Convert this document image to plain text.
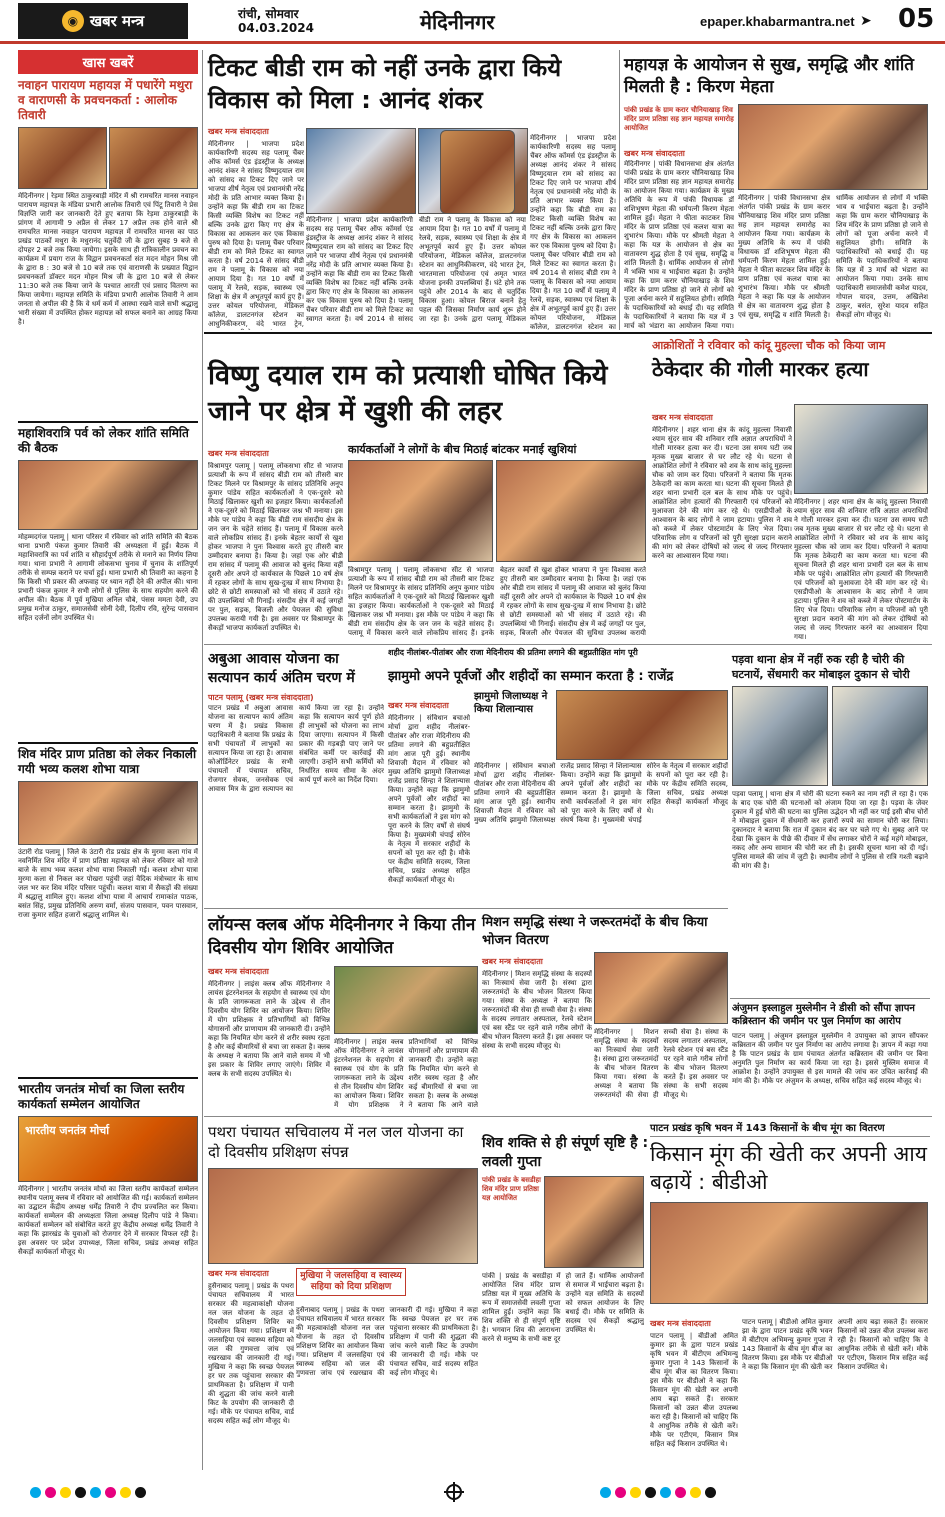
◉ खबर मन्त्र	रांची, सोमवार
04.03.2024	मेदिनीनगर	epaper.khabarmantra.net ➤ 05
खास खबरें
नवाहन पारायण महायज्ञ में पधारेंगे मथुरा व वाराणसी के प्रवचनकर्ता : आलोक तिवारी
मेदिनीनगर | रेड़मा स्थित ठाकुरबाड़ी मंदिर में श्री रामचरित मानस नवाहन पारायण महायज्ञ के मंडिया प्रभारी आलोक तिवारी एवं पिंटू तिवारी ने प्रेस विज्ञप्ति जारी कर जानकारी देते हुए बताया कि रेड़मा ठाकुरबाड़ी के प्रांगण में आगामी 9 अप्रैल से लेकर 17 अप्रैल तक होने वाले श्री रामचरित मानस नवाहन पारायण महायज्ञ में रामचरित मानस का पाठ प्रखंड पाठकों मथुरा के मधुरानंद चतुर्वेदी जी के द्वारा सुबह 9 बजे से दोपहर 2 बजे तक किया जायेगा। इसके साथ ही रात्रिकालीन प्रवचन का कार्यक्रम में प्रयाग राज के विद्वान प्रवचनकर्ता संत मदन मोहन मिश्र जी के द्वारा 8 : 30 बजे से 10 बजे तक एवं वाराणसी के प्रख्यात विद्वान प्रवचनकर्ता डॉक्टर मदन मोहन मिश्र जी के द्वारा 10 बजे से लेकर 11:30 बजे तक किया जाने के पश्चात आरती एवं प्रसाद वितरण का किया जायेगा। महायज्ञ समिति के मंडिया प्रभारी आलोक तिवारी ने आम जनता से अपील की है कि वे धर्म कर्म में आस्था रखने वाले सभी श्रद्धालु भारी संख्या में उपस्थित होकर महायज्ञ को सफल बनाने का आग्रह किया है।
महाशिवरात्रि पर्व को लेकर शांति समिति की बैठक
मोहम्मदगंज पलामू | थाना परिसर में रविवार को शांति समिति की बैठक थाना प्रभारी पंकज कुमार तिवारी की अध्यक्षता में हुई। बैठक में महाशिवरात्रि का पर्व शांति व सौहार्दपूर्ण तरीके से मनाने का निर्णय लिया गया। थाना प्रभारी ने आगामी लोकसभा चुनाव में चुनाव के शांतिपूर्ण तरीके से सम्पन्न कराने पर चर्चा हुई। थाना प्रभारी श्री तिवारी का कहना है कि किसी भी प्रकार की अफवाह पर ध्यान नहीं देने की अपील की। थाना प्रभारी पंकज कुमार ने सभी लोगों से पुलिस के साथ सहयोग करने की अपील की। बैठक में पूर्व मुखिया अनिल चौबे, पंसस ममता देवी, उप प्रमुख मनोज ठाकुर, समाजसेवी सोनी देवी, दिलीप रवि, सुरेन्द्र पासवान सहित दर्जनों लोग उपस्थित थे।
शिव मंदिर प्राण प्रतिष्ठा को लेकर निकाली गयी भव्य कलश शोभा यात्रा
उंटारी रोड पलामू | जिले के उंटारी रोड प्रखंड क्षेत्र के मुरमा कला गांव में नवनिर्मित शिव मंदिर में प्राण प्रतिष्ठा महायज्ञ को लेकर रविवार को गाजे बाजे के साथ भव्य कलश शोभा यात्रा निकाली गई। कलश शोभा यात्रा मुरमा कला से निकल कर पोखरा पहुंची जहां वैदिक मंत्रोच्चार के साथ जल भर कर शिव मंदिर परिसर पहुंची। कलश यात्रा में सैकड़ों की संख्या में श्रद्धालु शामिल हुए। कलश शोभा यात्रा में आचार्य रामाकांत पाठक, बसंत सिंह, प्रमुख प्रतिनिधि अरुण वर्मा, संजय पासवान, पवन पासवान, राजा कुमार सहित हजारों श्रद्धालु शामिल थे।
भारतीय जनतंत्र मोर्चा का जिला स्तरीय कार्यकर्ता सम्मेलन आयोजित
भारतीय जनतंत्र मोर्चा
मेदिनीनगर | भारतीय जनतंत्र मोर्चा का जिला स्तरीय कार्यकर्ता सम्मेलन स्थानीय पलामू क्लब में रविवार को आयोजित की गई। कार्यकर्ता सम्मेलन का उद्घाटन केंद्रीय अध्यक्ष धर्मेंद्र तिवारी ने दीप प्रज्वलित कर किया। कार्यकर्ता सम्मेलन की अध्यक्षता जिला अध्यक्ष दिलीप पांडे ने किया। कार्यकर्ता सम्मेलन को संबोधित करते हुए केंद्रीय अध्यक्ष धर्मेंद्र तिवारी ने कहा कि झारखंड के युवाओं को रोजगार देने में सरकार विफल रही है। इस अवसर पर प्रदेश उपाध्यक्ष, जिला सचिव, प्रखंड अध्यक्ष सहित सैकड़ों कार्यकर्ता मौजूद थे।
टिकट बीडी राम को नहीं उनके द्वारा किये विकास को मिला : आनंद शंकर
खबर मन्त्र संवाददाता
मेदिनीनगर | भाजपा प्रदेश कार्यकारिणी सदस्य सह पलामू चैंबर ऑफ कॉमर्स एंड इंडस्ट्रीज के अध्यक्ष आनंद शंकर ने सांसद विष्णुदयाल राम को सांसद का टिकट दिए जाने पर भाजपा शीर्ष नेतृत्व एवं प्रधानमंत्री नरेंद्र मोदी के प्रति आभार व्यक्त किया है। उन्होंने कहा कि बीडी राम का टिकट किसी व्यक्ति विशेष का टिकट नहीं बल्कि उनके द्वारा किए गए क्षेत्र के विकास का आकलन कर एक विकास पुरुष को दिया है। पलामू चैंबर परिवार बीडी राम को मिले टिकट का स्वागत करता है। वर्ष 2014 से सांसद बीडी राम ने पलामू के विकास को नया आयाम दिया है। गत 10 वर्षों में पलामू में रेलवे, सड़क, स्वास्थ्य एवं शिक्षा के क्षेत्र में अभूतपूर्व कार्य हुए हैं। उत्तर कोयल परियोजना, मेडिकल कॉलेज, डालटनगंज स्टेशन का आधुनिकीकरण, वंदे भारत ट्रेन,
मेदिनीनगर | भाजपा प्रदेश कार्यकारिणी सदस्य सह पलामू चैंबर ऑफ कॉमर्स एंड इंडस्ट्रीज के अध्यक्ष आनंद शंकर ने सांसद विष्णुदयाल राम को सांसद का टिकट दिए जाने पर भाजपा शीर्ष नेतृत्व एवं प्रधानमंत्री नरेंद्र मोदी के प्रति आभार व्यक्त किया है। उन्होंने कहा कि बीडी राम का टिकट किसी व्यक्ति विशेष का टिकट नहीं बल्कि उनके द्वारा किए गए क्षेत्र के विकास का आकलन कर एक विकास पुरुष को दिया है। पलामू चैंबर परिवार बीडी राम को मिले टिकट का स्वागत करता है। वर्ष 2014 से सांसद बीडी राम ने पलामू के विकास को नया आयाम दिया है। गत 10 वर्षों में पलामू में रेलवे, सड़क, स्वास्थ्य एवं शिक्षा के क्षेत्र में अभूतपूर्व कार्य हुए हैं। उत्तर कोयल परियोजना, मेडिकल कॉलेज, डालटनगंज स्टेशन का आधुनिकीकरण, वंदे भारत ट्रेन, भारतमाला परियोजना एवं अमृत भारत योजना इनकी उपलब्धियां हैं। घंटे होने तक पहुंचे और 2014 के बाद से चतुर्दिक विकास हुआ। कोयल बिराज बनाने हेतु पहल की जिसका निर्माण कार्य शुरू होने जा रहा है। उनके द्वारा पलामू मेडिकल
मेदिनीनगर | भाजपा प्रदेश कार्यकारिणी सदस्य सह पलामू चैंबर ऑफ कॉमर्स एंड इंडस्ट्रीज के अध्यक्ष आनंद शंकर ने सांसद विष्णुदयाल राम को सांसद का टिकट दिए जाने पर भाजपा शीर्ष नेतृत्व एवं प्रधानमंत्री नरेंद्र मोदी के प्रति आभार व्यक्त किया है। उन्होंने कहा कि बीडी राम का टिकट किसी व्यक्ति विशेष का टिकट नहीं बल्कि उनके द्वारा किए गए क्षेत्र के विकास का आकलन कर एक विकास पुरुष को दिया है। पलामू चैंबर परिवार बीडी राम को मिले टिकट का स्वागत करता है। वर्ष 2014 से सांसद बीडी राम ने पलामू के विकास को नया आयाम दिया है। गत 10 वर्षों में पलामू में रेलवे, सड़क, स्वास्थ्य एवं शिक्षा के क्षेत्र में अभूतपूर्व कार्य हुए हैं। उत्तर कोयल परियोजना, मेडिकल कॉलेज, डालटनगंज स्टेशन का
महायज्ञ के आयोजन से सुख, समृद्धि और शांति मिलती है : किरण मेहता
पांकी प्रखंड के ग्राम करार चौनियाखाड़ शिव मंदिर प्राण प्रतिष्ठा सह ज्ञान महायज्ञ समारोह आयोजित
खबर मन्त्र संवाददाता
मेदिनीनगर | पांकी विधानसभा क्षेत्र अंतर्गत पांकी प्रखंड के ग्राम करार चौनियाखाड़ शिव मंदिर प्राण प्रतिष्ठा सह ज्ञान महायज्ञ समारोह का आयोजन किया गया। कार्यक्रम के मुख्य अतिथि के रूप में पांकी विधायक डॉ शशिभूषण मेहता की धर्मपत्नी किरण मेहता शामिल हुईं। मेहता ने फीता काटकर शिव मंदिर के प्राण प्रतिष्ठा एवं कलश यात्रा का शुभारंभ किया। मौके पर श्रीमती मेहता ने कहा कि यज्ञ के आयोजन से क्षेत्र का वातावरण शुद्ध होता है एवं सुख, समृद्धि व शांति मिलती है। धार्मिक आयोजन से लोगों में भक्ति भाव व भाईचारा बढ़ता है। उन्होंने कहा कि ग्राम करार चौनियाखाड़ के शिव मंदिर के प्राण प्रतिष्ठा हो जाने से लोगों को पूजा अर्चना करने में सहूलियत होगी। समिति के पदाधिकारियों को बधाई दी। यह समिति के पदाधिकारियों ने बताया कि यज्ञ में 3 मार्च को भंडारा का आयोजन किया गया।
मेदिनीनगर | पांकी विधानसभा क्षेत्र अंतर्गत पांकी प्रखंड के ग्राम करार चौनियाखाड़ शिव मंदिर प्राण प्रतिष्ठा सह ज्ञान महायज्ञ समारोह का आयोजन किया गया। कार्यक्रम के मुख्य अतिथि के रूप में पांकी विधायक डॉ शशिभूषण मेहता की धर्मपत्नी किरण मेहता शामिल हुईं। मेहता ने फीता काटकर शिव मंदिर के प्राण प्रतिष्ठा एवं कलश यात्रा का शुभारंभ किया। मौके पर श्रीमती मेहता ने कहा कि यज्ञ के आयोजन से क्षेत्र का वातावरण शुद्ध होता है एवं सुख, समृद्धि व शांति मिलती है। धार्मिक आयोजन से लोगों में भक्ति भाव व भाईचारा बढ़ता है। उन्होंने कहा कि ग्राम करार चौनियाखाड़ के शिव मंदिर के प्राण प्रतिष्ठा हो जाने से लोगों को पूजा अर्चना करने में सहूलियत होगी। समिति के पदाधिकारियों को बधाई दी। यह समिति के पदाधिकारियों ने बताया कि यज्ञ में 3 मार्च को भंडारा का आयोजन किया गया। उनके साथ पदाधिकारी समाजसेवी कमेश यादव, गोपाल यादव, उत्तम, अखिलेश ठाकुर, बसंत, सुरेश यादव सहित सैकड़ों लोग मौजूद थे।
विष्णु दयाल राम को प्रत्याशी घोषित किये जाने पर क्षेत्र में खुशी की लहर
कार्यकर्ताओं ने लोगों के बीच मिठाई बांटकर मनाई खुशियां
खबर मन्त्र संवाददाता
विश्रामपुर पलामू | पलामू लोकसभा सीट से भाजपा प्रत्याशी के रूप में सांसद बीडी राम को तीसरी बार टिकट मिलने पर विश्रामपुर के सांसद प्रतिनिधि अनूप कुमार पांडेय सहित कार्यकर्ताओं ने एक-दूसरे को मिठाई खिलाकर खुशी का इजहार किया। कार्यकर्ताओं ने एक-दूसरे को मिठाई खिलाकर जश्न भी मनाया। इस मौके पर पांडेय ने कहा कि बीडी राम संसदीय क्षेत्र के जन जन के चहेते सांसद हैं। पलामू में विकास करने वाले लोकप्रिय सांसद हैं। इनके बेहतर कार्यों से खुश होकर भाजपा ने पुनः विश्वास करते हुए तीसरी बार उम्मीदवार बनाया है। किया है। जहां एक ओर बीडी राम सांसद में पलामू की आवाज को बुलंद किया वहीं दूसरी ओर अपने दो कार्यकाल के पिछले 10 वर्ष क्षेत्र में रहकर लोगों के साथ सुख-दुःख में साथ निभाया है। छोटे से छोटी समस्याओं को भी संसद में उठाते रहे। की उपलब्धियां भी गिनाईं। संसदीय क्षेत्र में कई जगहों पर पुल, सड़क, बिजली और पेयजल की सुविधा उपलब्ध करायी गयी है। इस अवसर पर विश्रामपुर के सैकड़ों भाजपा कार्यकर्ता उपस्थित थे।
विश्रामपुर पलामू | पलामू लोकसभा सीट से भाजपा प्रत्याशी के रूप में सांसद बीडी राम को तीसरी बार टिकट मिलने पर विश्रामपुर के सांसद प्रतिनिधि अनूप कुमार पांडेय सहित कार्यकर्ताओं ने एक-दूसरे को मिठाई खिलाकर खुशी का इजहार किया। कार्यकर्ताओं ने एक-दूसरे को मिठाई खिलाकर जश्न भी मनाया। इस मौके पर पांडेय ने कहा कि बीडी राम संसदीय क्षेत्र के जन जन के चहेते सांसद हैं। पलामू में विकास करने वाले लोकप्रिय सांसद हैं। इनके बेहतर कार्यों से खुश होकर भाजपा ने पुनः विश्वास करते हुए तीसरी बार उम्मीदवार बनाया है। किया है। जहां एक ओर बीडी राम सांसद में पलामू की आवाज को बुलंद किया वहीं दूसरी ओर अपने दो कार्यकाल के पिछले 10 वर्ष क्षेत्र में रहकर लोगों के साथ सुख-दुःख में साथ निभाया है। छोटे से छोटी समस्याओं को भी संसद में उठाते रहे। की उपलब्धियां भी गिनाईं। संसदीय क्षेत्र में कई जगहों पर पुल, सड़क, बिजली और पेयजल की सुविधा उपलब्ध करायी
आक्रोशितों ने रविवार को कांदू मुहल्ला चौक को किया जाम
ठेकेदार की गोली मारकर हत्या
खबर मन्त्र संवाददाता
मेदिनीनगर | शहर थाना क्षेत्र के कांदू मुहल्ला निवासी श्याम सुंदर साव की शनिवार रात्रि अज्ञात अपराधियों ने गोली मारकर हत्या कर दी। घटना उस समय घटी जब मृतक मुख्य बाजार से घर लौट रहे थे। घटना से आक्रोशित लोगों ने रविवार को शव के साथ कांदू मुहल्ला चौक को जाम कर दिया। परिजनों ने बताया कि मृतक ठेकेदारी का काम करता था। घटना की सूचना मिलते ही शहर थाना प्रभारी दल बल के साथ मौके पर पहुंचे। आक्रोशित लोग हत्यारों की गिरफ्तारी एवं परिजनों को मुआवजा देने की मांग कर रहे थे। एसडीपीओ के आश्वासन के बाद लोगों ने जाम हटाया। पुलिस ने शव को कब्जे में लेकर पोस्टमार्टम के लिए भेज दिया। परिवारिक लोग व परिजनों को पूरी सुरक्षा प्रदान कराने की मांग को लेकर दोषियों को जल्द से जल्द गिरफ्तार करने का आश्वासन दिया गया।
मेदिनीनगर | शहर थाना क्षेत्र के कांदू मुहल्ला निवासी श्याम सुंदर साव की शनिवार रात्रि अज्ञात अपराधियों ने गोली मारकर हत्या कर दी। घटना उस समय घटी जब मृतक मुख्य बाजार से घर लौट रहे थे। घटना से आक्रोशित लोगों ने रविवार को शव के साथ कांदू मुहल्ला चौक को जाम कर दिया। परिजनों ने बताया कि मृतक ठेकेदारी का काम करता था। घटना की सूचना मिलते ही शहर थाना प्रभारी दल बल के साथ मौके पर पहुंचे। आक्रोशित लोग हत्यारों की गिरफ्तारी एवं परिजनों को मुआवजा देने की मांग कर रहे थे। एसडीपीओ के आश्वासन के बाद लोगों ने जाम हटाया। पुलिस ने शव को कब्जे में लेकर पोस्टमार्टम के लिए भेज दिया। परिवारिक लोग व परिजनों को पूरी सुरक्षा प्रदान कराने की मांग को लेकर दोषियों को जल्द से जल्द गिरफ्तार करने का आश्वासन दिया गया।
अबुआ आवास योजना का सत्यापन कार्य अंतिम चरण में
पाटन पलामू (खबर मन्त्र संवाददाता)
पाटन प्रखंड में अबुआ आवास योजना का सत्यापन कार्य अंतिम चरण में है। प्रखंड विकास पदाधिकारी ने बताया कि प्रखंड के सभी पंचायतों में लाभुकों का सत्यापन किया जा रहा है। आवास कोऑर्डिनेटर प्रखंड के सभी पंचायतों में पंचायत सचिव, रोजगार सेवक, जनसेवक एवं आवास मित्र के द्वारा सत्यापन का कार्य किया जा रहा है। उन्होंने कहा कि सत्यापन कार्य पूर्ण होते ही लाभुकों को योजना का लाभ दिया जाएगा। सत्यापन में किसी प्रकार की गड़बड़ी पाए जाने पर संबंधित कर्मी पर कार्रवाई की जाएगी। उन्होंने सभी कर्मियों को निर्धारित समय सीमा के अंदर कार्य पूर्ण करने का निर्देश दिया।
शहीद नीलांबर-पीतांबर और राजा मेदिनीराय की प्रतिमा लगाने की बहुप्रतीक्षित मांग पूरी
झामुमो अपने पूर्वजों और शहीदों का सम्मान करता है : राजेंद्र
झामुमो जिलाध्यक्ष ने किया शिलान्यास
खबर मन्त्र संवाददाता
मेदिनीनगर | संविधान बचाओ मोर्चा द्वारा शहीद नीलांबर-पीतांबर और राजा मेदिनीराय की प्रतिमा लगाने की बहुप्रतीक्षित मांग आज पूरी हुई। स्थानीय शिवाजी मैदान में रविवार को मुख्य अतिथि झामुमो जिलाध्यक्ष राजेंद्र प्रसाद सिन्हा ने शिलान्यास किया। उन्होंने कहा कि झामुमो अपने पूर्वजों और शहीदों का सम्मान करता है। झामुमो के सभी कार्यकर्ताओं ने इस मांग को पूरा करने के लिए वर्षों से संघर्ष किया है। मुख्यमंत्री चंपाई सोरेन के नेतृत्व में सरकार शहीदों के सपनों को पूरा कर रही है। मौके पर केंद्रीय समिति सदस्य, जिला सचिव, प्रखंड अध्यक्ष सहित सैकड़ों कार्यकर्ता मौजूद थे।
मेदिनीनगर | संविधान बचाओ मोर्चा द्वारा शहीद नीलांबर-पीतांबर और राजा मेदिनीराय की प्रतिमा लगाने की बहुप्रतीक्षित मांग आज पूरी हुई। स्थानीय शिवाजी मैदान में रविवार को मुख्य अतिथि झामुमो जिलाध्यक्ष राजेंद्र प्रसाद सिन्हा ने शिलान्यास किया। उन्होंने कहा कि झामुमो अपने पूर्वजों और शहीदों का सम्मान करता है। झामुमो के सभी कार्यकर्ताओं ने इस मांग को पूरा करने के लिए वर्षों से संघर्ष किया है। मुख्यमंत्री चंपाई सोरेन के नेतृत्व में सरकार शहीदों के सपनों को पूरा कर रही है। मौके पर केंद्रीय समिति सदस्य, जिला सचिव, प्रखंड अध्यक्ष सहित सैकड़ों कार्यकर्ता मौजूद थे।
पड़वा थाना क्षेत्र में नहीं रुक रही है चोरी की घटनायें, सेंधमारी कर मोबाइल दुकान से चोरी
पड़वा पलामू | थाना क्षेत्र में चोरी की घटना रुकने का नाम नहीं ले रहा है। एक के बाद एक चोरी की घटनाओं को अंजाम दिया जा रहा है। पड़वा के जेवर दुकान में हुई चोरी की घटना का पुलिस उद्भेदन भी नहीं कर पाई इसी बीच चोरों ने मोबाइल दुकान में सेंधमारी कर हजारों रुपये का सामान चोरी कर लिया। दुकानदार ने बताया कि रात में दुकान बंद कर घर चले गए थे। सुबह आने पर देखा कि दुकान के पीछे की दीवार में सेंध लगाकर चोरों ने कई महंगे मोबाइल, नकद और अन्य सामान की चोरी कर ली है। इसकी सूचना थाना को दी गई। पुलिस मामले की जांच में जुटी है। स्थानीय लोगों ने पुलिस से रात्रि गश्ती बढ़ाने की मांग की है।
लॉयन्स क्लब ऑफ मेदिनीनगर ने किया तीन दिवसीय योग शिविर आयोजित
खबर मन्त्र संवाददाता
मेदिनीनगर | लाइंस क्लब ऑफ मेदिनीनगर ने लायंस इंटरनेशनल के सहयोग से स्वास्थ्य एवं योग के प्रति जागरूकता लाने के उद्देश्य से तीन दिवसीय योग शिविर का आयोजन किया। शिविर में योग प्रशिक्षक ने प्रतिभागियों को विभिन्न योगासनों और प्राणायाम की जानकारी दी। उन्होंने कहा कि नियमित योग करने से शरीर स्वस्थ रहता है और कई बीमारियों से बचा जा सकता है। क्लब के अध्यक्ष ने बताया कि आने वाले समय में भी इस प्रकार के शिविर लगाए जाएंगे। शिविर में क्लब के सभी सदस्य उपस्थित थे।
मेदिनीनगर | लाइंस क्लब ऑफ मेदिनीनगर ने लायंस इंटरनेशनल के सहयोग से स्वास्थ्य एवं योग के प्रति जागरूकता लाने के उद्देश्य से तीन दिवसीय योग शिविर का आयोजन किया। शिविर में योग प्रशिक्षक ने प्रतिभागियों को विभिन्न योगासनों और प्राणायाम की जानकारी दी। उन्होंने कहा कि नियमित योग करने से शरीर स्वस्थ रहता है और कई बीमारियों से बचा जा सकता है। क्लब के अध्यक्ष ने बताया कि आने वाले
मिशन समृद्धि संस्था ने जरूरतमंदों के बीच किया भोजन वितरण
खबर मन्त्र संवाददाता
मेदिनीनगर | मिशन समृद्धि संस्था के सदस्यों का निःस्वार्थ सेवा जारी है। संस्था द्वारा जरूरतमंदों के बीच भोजन वितरण किया गया। संस्था के अध्यक्ष ने बताया कि जरूरतमंदों की सेवा ही सच्ची सेवा है। संस्था के सदस्य लगातार अस्पताल, रेलवे स्टेशन एवं बस स्टैंड पर रहने वाले गरीब लोगों के बीच भोजन वितरण करते हैं। इस अवसर पर संस्था के सभी सदस्य मौजूद थे।
मेदिनीनगर | मिशन समृद्धि संस्था के सदस्यों का निःस्वार्थ सेवा जारी है। संस्था द्वारा जरूरतमंदों के बीच भोजन वितरण किया गया। संस्था के अध्यक्ष ने बताया कि जरूरतमंदों की सेवा ही सच्ची सेवा है। संस्था के सदस्य लगातार अस्पताल, रेलवे स्टेशन एवं बस स्टैंड पर रहने वाले गरीब लोगों के बीच भोजन वितरण करते हैं। इस अवसर पर संस्था के सभी सदस्य मौजूद थे।
अंजुमन इस्लाहुल मुस्लेमीन ने डीसी को सौंपा ज्ञापन कब्रिस्तान की जमीन पर पुल निर्माण का आरोप
पाटन पलामू | अंजुमन इस्लाहुल मुस्लेमीन ने उपायुक्त को ज्ञापन सौंपकर कब्रिस्तान की जमीन पर पुल निर्माण का आरोप लगाया है। ज्ञापन में कहा गया है कि पाटन प्रखंड के ग्राम पंचायत अंतर्गत कब्रिस्तान की जमीन पर बिना अनुमति पुल निर्माण का कार्य किया जा रहा है। इससे मुस्लिम समाज में आक्रोश है। उन्होंने उपायुक्त से इस मामले की जांच कर उचित कार्रवाई की मांग की है। मौके पर अंजुमन के अध्यक्ष, सचिव सहित कई सदस्य मौजूद थे।
पथरा पंचायत सचिवालय में नल जल योजना का दो दिवसीय प्रशिक्षण संपन्न
खबर मन्त्र संवाददाता	मुखिया ने जलसहिया व स्वास्थ्य सहिया को दिया प्रशिक्षण
हुसैनाबाद पलामू | प्रखंड के पथरा पंचायत सचिवालय में भारत सरकार की महत्वाकांक्षी योजना नल जल योजना के तहत दो दिवसीय प्रशिक्षण शिविर का आयोजन किया गया। प्रशिक्षण में जलसहिया एवं स्वास्थ्य सहिया को जल की गुणवत्ता जांच एवं रखरखाव की जानकारी दी गई। मुखिया ने कहा कि स्वच्छ पेयजल हर घर तक पहुंचाना सरकार की प्राथमिकता है। प्रशिक्षण में पानी की शुद्धता की जांच करने वाली किट के उपयोग की जानकारी दी गई। मौके पर पंचायत सचिव, वार्ड सदस्य सहित कई लोग मौजूद थे।
हुसैनाबाद पलामू | प्रखंड के पथरा पंचायत सचिवालय में भारत सरकार की महत्वाकांक्षी योजना नल जल योजना के तहत दो दिवसीय प्रशिक्षण शिविर का आयोजन किया गया। प्रशिक्षण में जलसहिया एवं स्वास्थ्य सहिया को जल की गुणवत्ता जांच एवं रखरखाव की जानकारी दी गई। मुखिया ने कहा कि स्वच्छ पेयजल हर घर तक पहुंचाना सरकार की प्राथमिकता है। प्रशिक्षण में पानी की शुद्धता की जांच करने वाली किट के उपयोग की जानकारी दी गई। मौके पर पंचायत सचिव, वार्ड सदस्य सहित कई लोग मौजूद थे।
शिव शक्ति से ही संपूर्ण सृष्टि है : लवली गुप्ता
पांकी प्रखंड के बसडीहा शिव मंदिर प्राण प्रतिष्ठा यज्ञ आयोजित
पांकी | प्रखंड के बसडीहा में आयोजित शिव मंदिर प्राण प्रतिष्ठा यज्ञ में मुख्य अतिथि के रूप में समाजसेवी लवली गुप्ता शामिल हुईं। उन्होंने कहा कि शिव शक्ति से ही संपूर्ण सृष्टि है। भगवान शिव की आराधना करने से मनुष्य के सभी कष्ट दूर हो जाते हैं। धार्मिक आयोजनों से समाज में भाईचारा बढ़ता है। उन्होंने यज्ञ समिति के सदस्यों को सफल आयोजन के लिए बधाई दी। मौके पर समिति के सदस्य एवं सैकड़ों श्रद्धालु उपस्थित थे।
पाटन प्रखंड कृषि भवन में 143 किसानों के बीच मूंग का वितरण
किसान मूंग की खेती कर अपनी आय बढ़ायें : बीडीओ
खबर मन्त्र संवाददाता
पाटन पलामू | बीडीओ अमित कुमार झा के द्वारा पाटन प्रखंड कृषि भवन में बीटीएम अभिमन्यु कुमार गुप्ता ने 143 किसानों के बीच मूंग बीज का वितरण किया। इस मौके पर बीडीओ ने कहा कि किसान मूंग की खेती कर अपनी आय बढ़ा सकते हैं। सरकार किसानों को उन्नत बीज उपलब्ध करा रही है। किसानों को चाहिए कि वे आधुनिक तरीके से खेती करें। मौके पर एटीएम, किसान मित्र सहित कई किसान उपस्थित थे।
पाटन पलामू | बीडीओ अमित कुमार झा के द्वारा पाटन प्रखंड कृषि भवन में बीटीएम अभिमन्यु कुमार गुप्ता ने 143 किसानों के बीच मूंग बीज का वितरण किया। इस मौके पर बीडीओ ने कहा कि किसान मूंग की खेती कर अपनी आय बढ़ा सकते हैं। सरकार किसानों को उन्नत बीज उपलब्ध करा रही है। किसानों को चाहिए कि वे आधुनिक तरीके से खेती करें। मौके पर एटीएम, किसान मित्र सहित कई किसान उपस्थित थे।
